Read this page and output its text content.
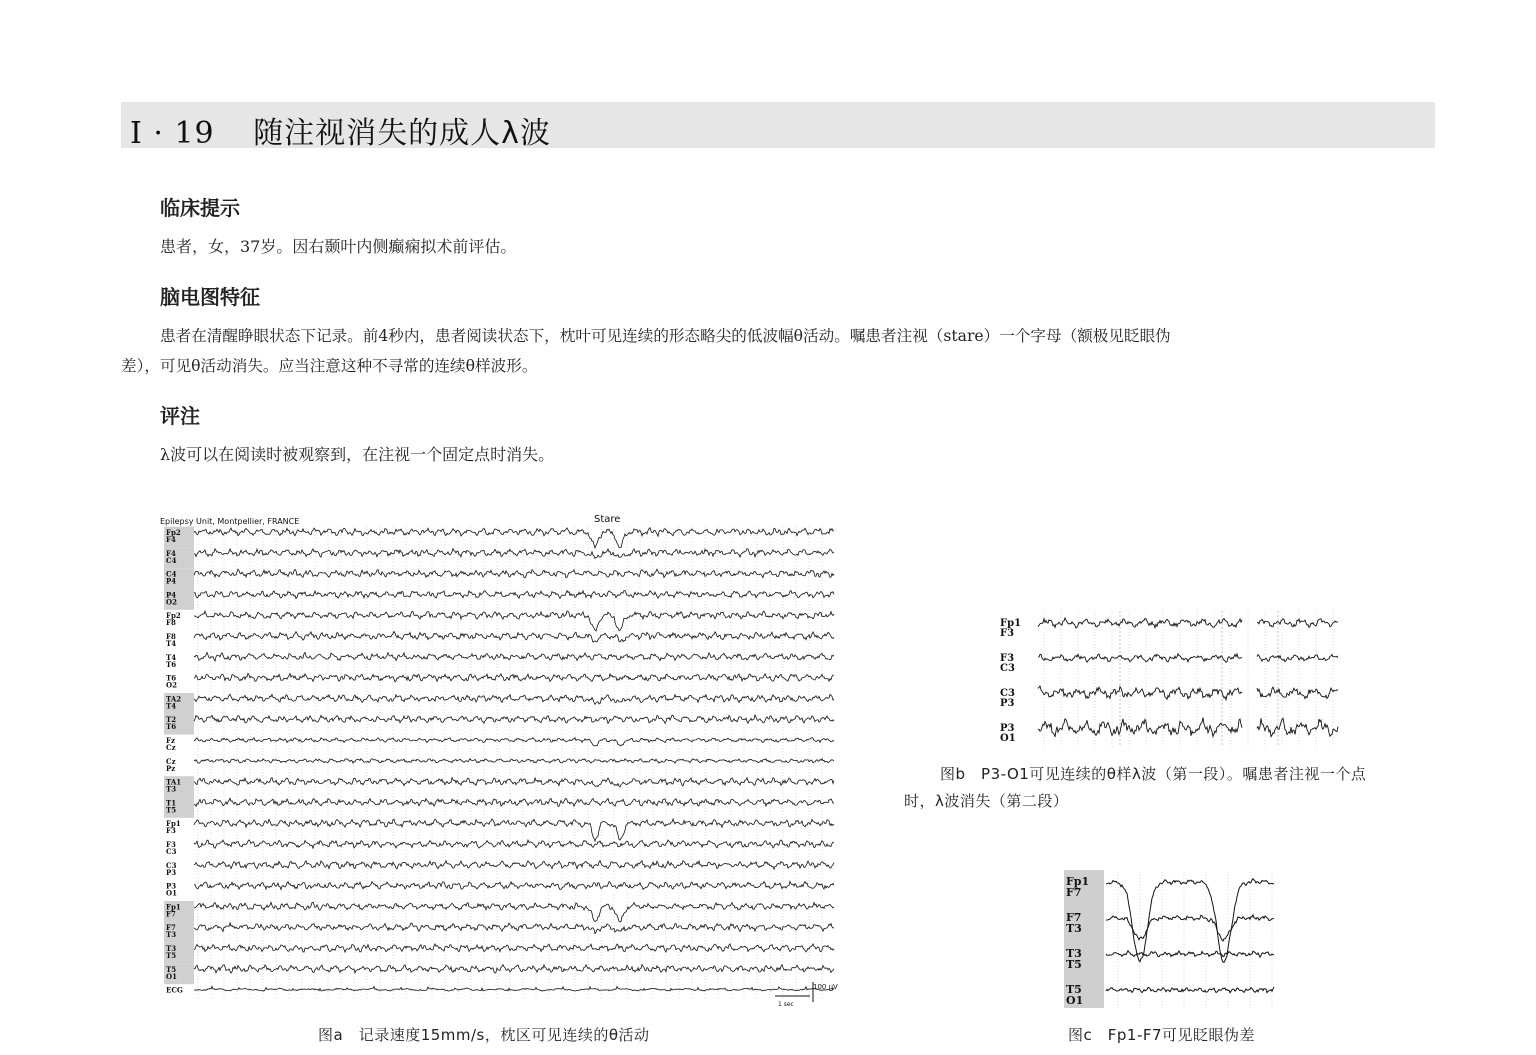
I · 19 随注视消失的成人λ波
临床提示
患者，女，37岁。因右颞叶内侧癫痫拟术前评估。
脑电图特征
患者在清醒睁眼状态下记录。前4秒内，患者阅读状态下，枕叶可见连续的形态略尖的低波幅θ活动。嘱患者注视（stare）一个字母（额极见眨眼伪
差），可见θ活动消失。应当注意这种不寻常的连续θ样波形。
评注
λ波可以在阅读时被观察到，在注视一个固定点时消失。
Epilepsy Unit, Montpellier, FRANCE	Stare
Fp2
F4
F4
C4
C4
P4
P4
O2
Fp2
F8
F8
T4
T4
T6
T6
O2
TA2
T4
T2
T6
Fz
Cz
Cz
Pz
TA1
T3
T1
T5
Fp1
F3
F3
C3
C3
P3
P3
O1
Fp1
F7
F7
T3
T3
T5
T5
O1
ECG	100 µV
1 sec
图a　记录速度15mm/s，枕区可见连续的θ活动
Fp1
F3
F3
C3
C3
P3
P3
O1
图b　P3-O1可见连续的θ样λ波（第一段）。嘱患者注视一个点
时，λ波消失（第二段）
Fp1
F7
F7
T3
T3
T5
T5
O1
图c　Fp1-F7可见眨眼伪差
